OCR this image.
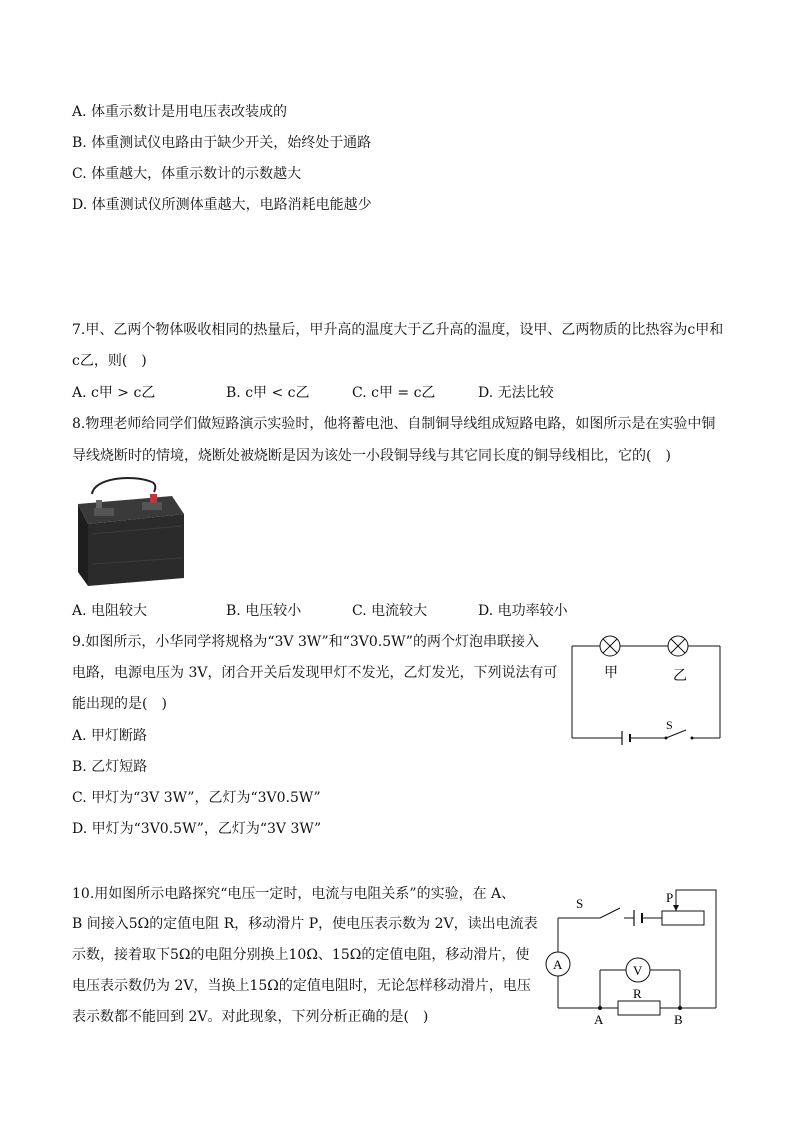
A. 体重示数计是用电压表改装成的
B. 体重测试仪电路由于缺少开关，始终处于通路
C. 体重越大，体重示数计的示数越大
D. 体重测试仪所测体重越大，电路消耗电能越少
7.甲、乙两个物体吸收相同的热量后，甲升高的温度大于乙升高的温度，设甲、乙两物质的比热容为c甲和
c乙，则(　)
A. c甲 > c乙	B. c甲 < c乙	C. c甲 = c乙	D. 无法比较
8.物理老师给同学们做短路演示实验时，他将蓄电池、自制铜导线组成短路电路，如图所示是在实验中铜
导线烧断时的情境，烧断处被烧断是因为该处一小段铜导线与其它同长度的铜导线相比，它的(　)
A. 电阻较大	B. 电压较小	C. 电流较大	D. 电功率较小
9.如图所示，小华同学将规格为“3V 3W”和“3V0.5W”的两个灯泡串联接入
电路，电源电压为 3V，闭合开关后发现甲灯不发光，乙灯发光，下列说法有可
能出现的是(　)
A. 甲灯断路
B. 乙灯短路
C. 甲灯为“3V 3W”，乙灯为“3V0.5W”
D. 甲灯为“3V0.5W”，乙灯为“3V 3W”
甲	乙
S
10.用如图所示电路探究“电压一定时，电流与电阻关系”的实验，在 A、
B 间接入5Ω的定值电阻 R，移动滑片 P，使电压表示数为 2V，读出电流表
示数，接着取下5Ω的电阻分别换上10Ω、15Ω的定值电阻，移动滑片，使
电压表示数仍为 2V，当换上15Ω的定值电阻时，无论怎样移动滑片，电压
表示数都不能回到 2V。对此现象，下列分析正确的是(　)
A	V
S	P
R
A	B
